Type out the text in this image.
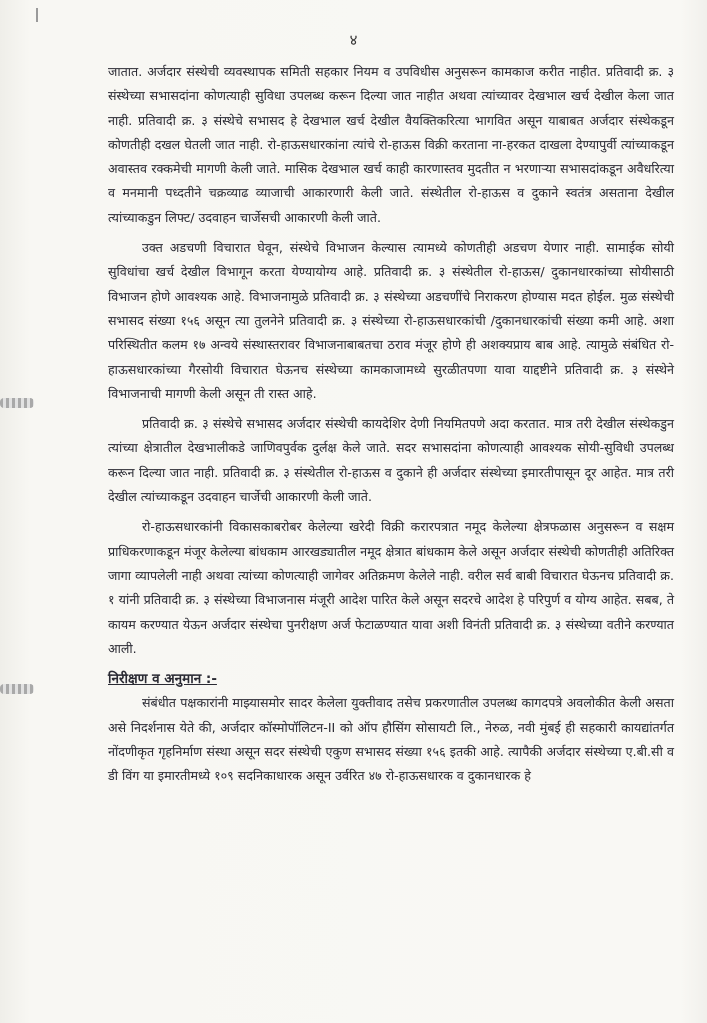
४

जातात. अर्जदार संस्थेची व्यवस्थापक समिती सहकार नियम व उपविधीस अनुसरून कामकाज करीत नाहीत. प्रतिवादी क्र. ३ संस्थेच्या सभासदांना कोणत्याही सुविधा उपलब्ध करून दिल्या जात नाहीत अथवा त्यांच्यावर देखभाल खर्च देखील केला जात नाही. प्रतिवादी क्र. ३ संस्थेचे सभासद हे देखभाल खर्च देखील वैयक्तिकरित्या भागवित असून याबाबत अर्जदार संस्थेकडून कोणतीही दखल घेतली जात नाही. रो-हाऊसधारकांना त्यांचे रो-हाऊस विक्री करताना ना-हरकत दाखला देण्यापुर्वी त्यांच्याकडून अवास्तव रक्कमेची मागणी केली जाते. मासिक देखभाल खर्च काही कारणास्तव मुदतीत न भरणाऱ्या सभासदांकडून अवैधरित्या व मनमानी पध्दतीने चक्रव्याढ व्याजाची आकारणारी केली जाते. संस्थेतील रो-हाऊस व दुकाने स्वतंत्र असताना देखील त्यांच्याकडुन लिफ्ट/ उदवाहन चार्जेसची आकारणी केली जाते.

उक्त अडचणी विचारात घेवून, संस्थेचे विभाजन केल्यास त्यामध्ये कोणतीही अडचण येणार नाही. सामाईक सोयी सुविधांचा खर्च देखील विभागून करता येण्यायोग्य आहे. प्रतिवादी क्र. ३ संस्थेतील रो-हाऊस/ दुकानधारकांच्या सोयीसाठी विभाजन होणे आवश्यक आहे. विभाजनामुळे प्रतिवादी क्र. ३ संस्थेच्या अडचणींचे निराकरण होण्यास मदत होईल. मुळ संस्थेची सभासद संख्या १५६ असून त्या तुलनेने प्रतिवादी क्र. ३ संस्थेच्या रो-हाऊसधारकांची /दुकानधारकांची संख्या कमी आहे. अशा परिस्थितीत कलम १७ अन्वये संस्थास्तरावर विभाजनाबाबतचा ठराव मंजूर होणे ही अशक्यप्राय बाब आहे. त्यामुळे संबंधित रो-हाऊसधारकांच्या गैरसोयी विचारात घेऊनच संस्थेच्या कामकाजामध्ये सुरळीतपणा यावा याद्दष्टीने प्रतिवादी क्र. ३ संस्थेने विभाजनाची मागणी केली असून ती रास्त आहे.

प्रतिवादी क्र. ३ संस्थेचे सभासद अर्जदार संस्थेची कायदेशिर देणी नियमितपणे अदा करतात. मात्र तरी देखील संस्थेकडुन त्यांच्या क्षेत्रातील देखभालीकडे जाणिवपुर्वक दुर्लक्ष केले जाते. सदर सभासदांना कोणत्याही आवश्यक सोयी-सुविधी उपलब्ध करून दिल्या जात नाही. प्रतिवादी क्र. ३ संस्थेतील रो-हाऊस व दुकाने ही अर्जदार संस्थेच्या इमारतीपासून दूर आहेत. मात्र तरी देखील त्यांच्याकडून उदवाहन चार्जेची आकारणी केली जाते.

रो-हाऊसधारकांनी विकासकाबरोबर केलेल्या खरेदी विक्री करारपत्रात नमूद केलेल्या क्षेत्रफळास अनुसरून व सक्षम प्राधिकरणाकडून मंजूर केलेल्या बांधकाम आरखड्यातील नमूद क्षेत्रात बांधकाम केले असून अर्जदार संस्थेची कोणतीही अतिरिक्त जागा व्यापलेली नाही अथवा त्यांच्या कोणत्याही जागेवर अतिक्रमण केलेले नाही. वरील सर्व बाबी विचारात घेऊनच प्रतिवादी क्र. १ यांनी प्रतिवादी क्र. ३ संस्थेच्या विभाजनास मंजूरी आदेश पारित केले असून सदरचे आदेश हे परिपुर्ण व योग्य आहेत. सबब, ते कायम करण्यात येऊन अर्जदार संस्थेचा पुनरीक्षण अर्ज फेटाळण्यात यावा अशी विनंती प्रतिवादी क्र. ३ संस्थेच्या वतीने करण्यात आली.

निरीक्षण व अनुमान :-

संबंधीत पक्षकारांनी माझ्यासमोर सादर केलेला युक्तीवाद तसेच प्रकरणातील उपलब्ध कागदपत्रे अवलोकीत केली असता असे निदर्शनास येते की, अर्जदार कॉस्मोपॉलिटन-II को ऑप हौसिंग सोसायटी लि., नेरुळ, नवी मुंबई ही सहकारी कायद्यांतर्गत नोंदणीकृत गृहनिर्माण संस्था असून सदर संस्थेची एकुण सभासद संख्या १५६ इतकी आहे. त्यापैकी अर्जदार संस्थेच्या ए.बी.सी व डी विंग या इमारतीमध्ये १०९ सदनिकाधारक असून उर्वरित ४७ रो-हाऊसधारक व दुकानधारक हे
